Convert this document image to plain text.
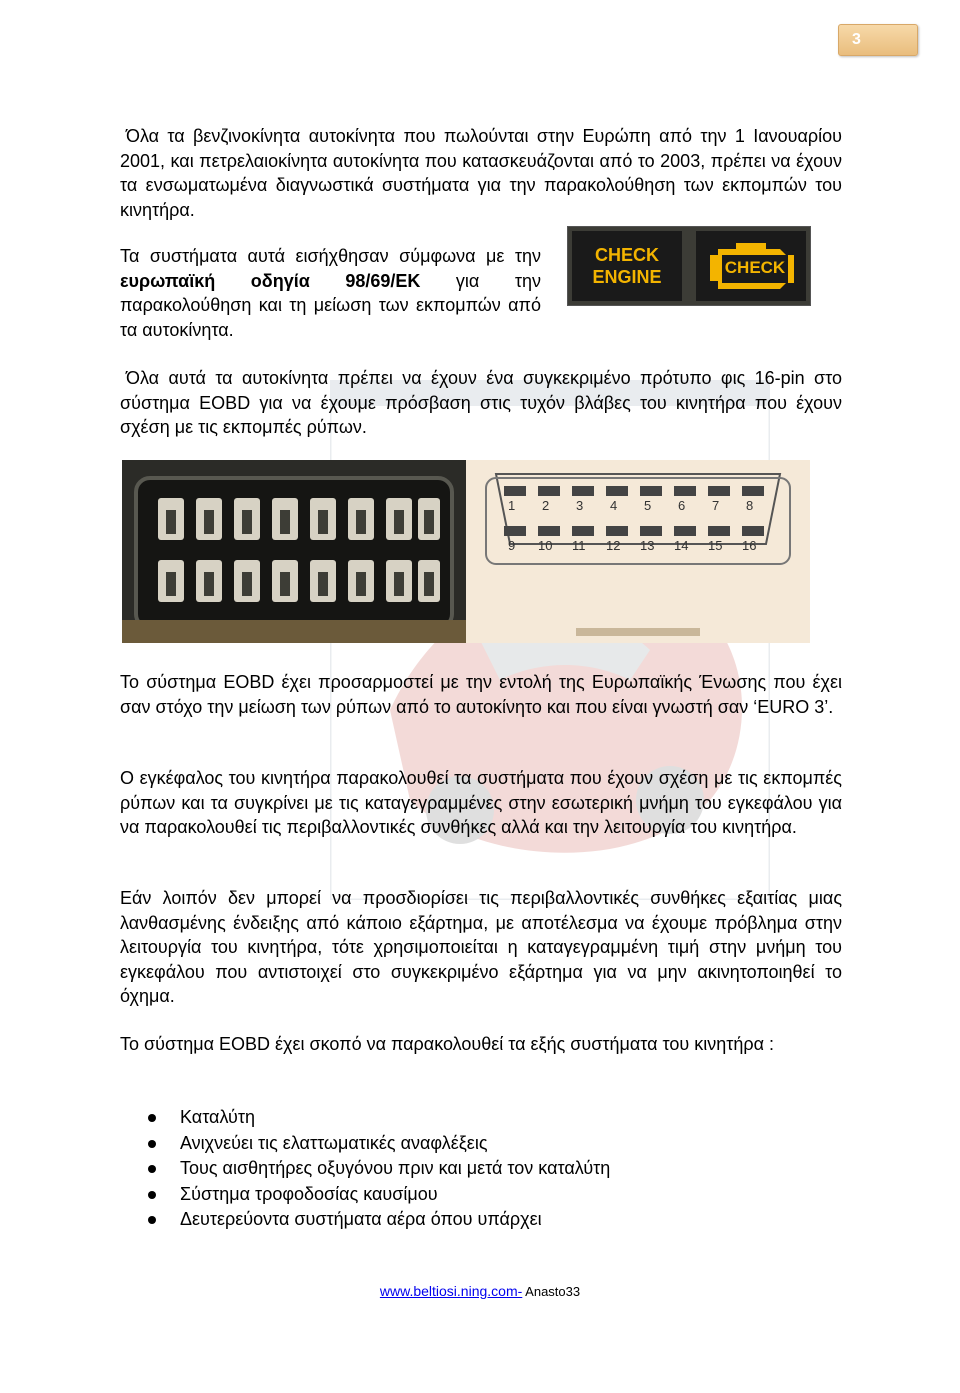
3
Όλα τα βενζινοκίνητα αυτοκίνητα που πωλούνται στην Ευρώπη από την 1 Ιανουαρίου 2001, και πετρελαιοκίνητα αυτοκίνητα που κατασκευάζονται από το 2003, πρέπει να έχουν τα ενσωματωμένα διαγνωστικά συστήματα για την παρακολούθηση των εκπομπών του κινητήρα.
Τα συστήματα αυτά εισήχθησαν σύμφωνα με την ευρωπαϊκή οδηγία 98/69/ΕΚ για την παρακολούθηση και τη μείωση των εκπομπών από τα αυτοκίνητα.
CHECK
ENGINE	CHECK
Όλα αυτά τα αυτοκίνητα πρέπει να έχουν ένα συγκεκριμένο πρότυπο φις 16-pin στο σύστημα EOBD για να έχουμε πρόσβαση στις τυχόν βλάβες του κινητήρα που έχουν σχέση με τις εκπομπές ρύπων.
1 2 3 4 5 6 7 8
9 10 11 12 13 14 15 16
Το σύστημα EOBD έχει προσαρμοστεί με την εντολή της Ευρωπαϊκής Ένωσης που έχει σαν στόχο την μείωση των ρύπων από το αυτοκίνητο και που είναι γνωστή σαν ‘EURO 3’.
Ο εγκέφαλος του κινητήρα παρακολουθεί τα συστήματα που έχουν σχέση με τις εκπομπές ρύπων και τα συγκρίνει με τις καταγεγραμμένες στην εσωτερική μνήμη του εγκεφάλου για να παρακολουθεί τις περιβαλλοντικές συνθήκες αλλά και την λειτουργία του κινητήρα.
Εάν λοιπόν δεν μπορεί να προσδιορίσει τις περιβαλλοντικές συνθήκες εξαιτίας μιας λανθασμένης ένδειξης από κάποιο εξάρτημα, με αποτέλεσμα να έχουμε πρόβλημα στην λειτουργία του κινητήρα, τότε χρησιμοποιείται η καταγεγραμμένη τιμή στην μνήμη του εγκεφάλου που αντιστοιχεί στο συγκεκριμένο εξάρτημα για να μην ακινητοποιηθεί το όχημα.
Το σύστημα EOBD έχει σκοπό να παρακολουθεί τα εξής συστήματα του κινητήρα :
Καταλύτη
Ανιχνεύει τις ελαττωματικές αναφλέξεις
Τους αισθητήρες οξυγόνου πριν και μετά τον καταλύτη
Σύστημα τροφοδοσίας καυσίμου
Δευτερεύοντα συστήματα αέρα όπου υπάρχει
www.beltiosi.ning.com- Anasto33
